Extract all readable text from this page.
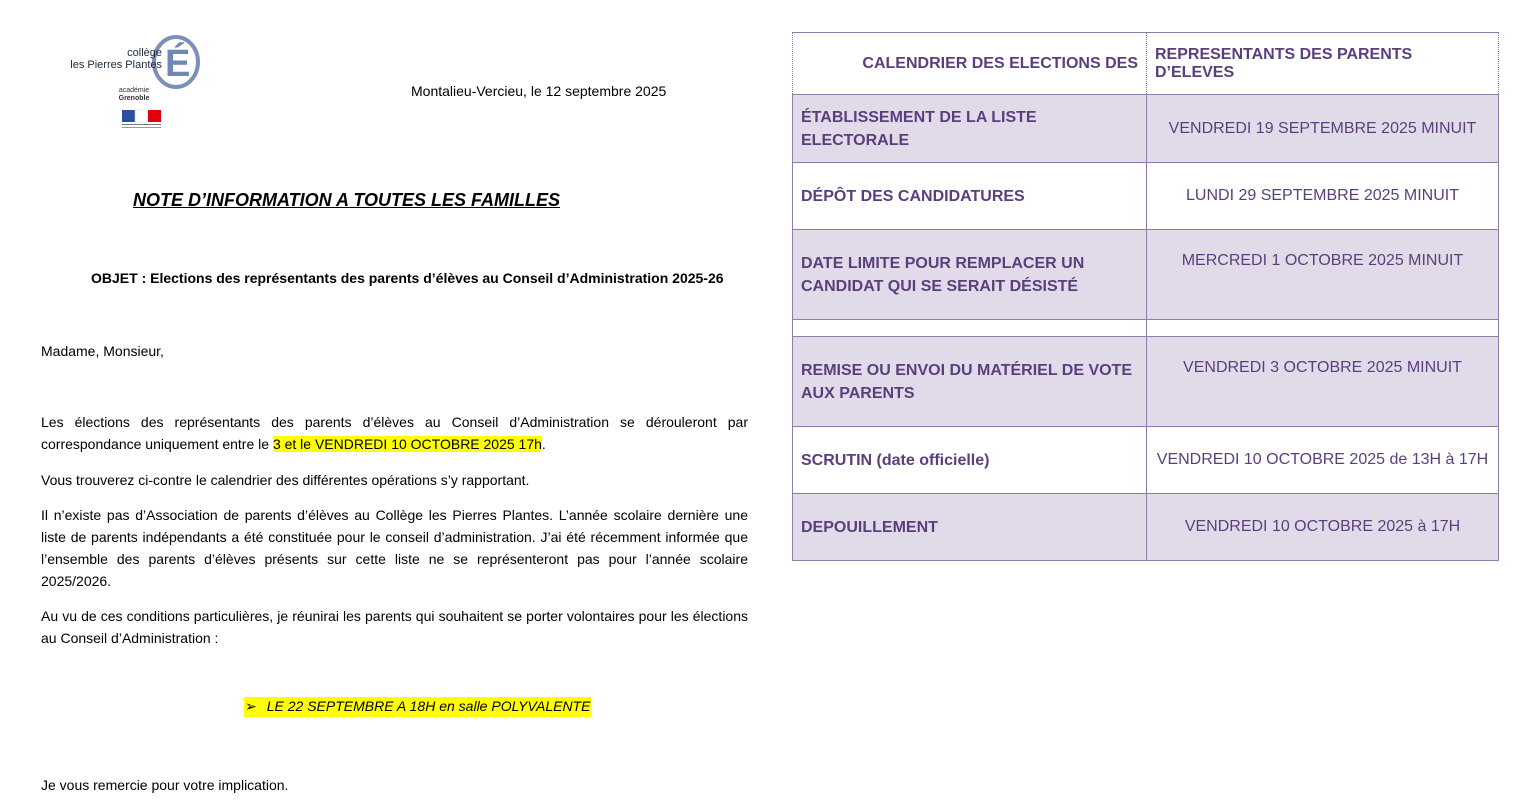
É
collège
les Pierres Plantes
académie
Grenoble	Montalieu-Vercieu, le 12 septembre 2025
NOTE D’INFORMATION A TOUTES LES FAMILLES
OBJET : Elections des représentants des parents d’élèves au Conseil d’Administration 2025-26
Madame, Monsieur,
Les élections des représentants des parents d’élèves au Conseil d’Administration se dérouleront par correspondance uniquement entre le 3 et le VENDREDI 10 OCTOBRE 2025 17h.
Vous trouverez ci-contre le calendrier des différentes opérations s’y rapportant.
Il n’existe pas d’Association de parents d’élèves au Collège les Pierres Plantes. L’année scolaire dernière une liste de parents indépendants a été constituée pour le conseil d’administration. J’ai été récemment informée que l’ensemble des parents d’élèves présents sur cette liste ne se représenteront pas pour l’année scolaire 2025/2026.
Au vu de ces conditions particulières, je réunirai les parents qui souhaitent se porter volontaires pour les élections au Conseil d’Administration :
➢ LE 22 SEPTEMBRE A 18H en salle POLYVALENTE
Je vous remercie pour votre implication.
CALENDRIER DES ELECTIONS DES	REPRESENTANTS DES PARENTS D’ELEVES
ÉTABLISSEMENT DE LA LISTE ELECTORALE	VENDREDI 19 SEPTEMBRE 2025 MINUIT
DÉPÔT DES CANDIDATURES	LUNDI 29 SEPTEMBRE 2025 MINUIT
DATE LIMITE POUR REMPLACER UN CANDIDAT QUI SE SERAIT DÉSISTÉ	MERCREDI 1 OCTOBRE 2025 MINUIT

REMISE OU ENVOI DU MATÉRIEL DE VOTE AUX PARENTS	VENDREDI 3 OCTOBRE 2025 MINUIT
SCRUTIN (date officielle)	VENDREDI 10 OCTOBRE 2025 de 13H à 17H
DEPOUILLEMENT	VENDREDI 10 OCTOBRE 2025 à 17H
